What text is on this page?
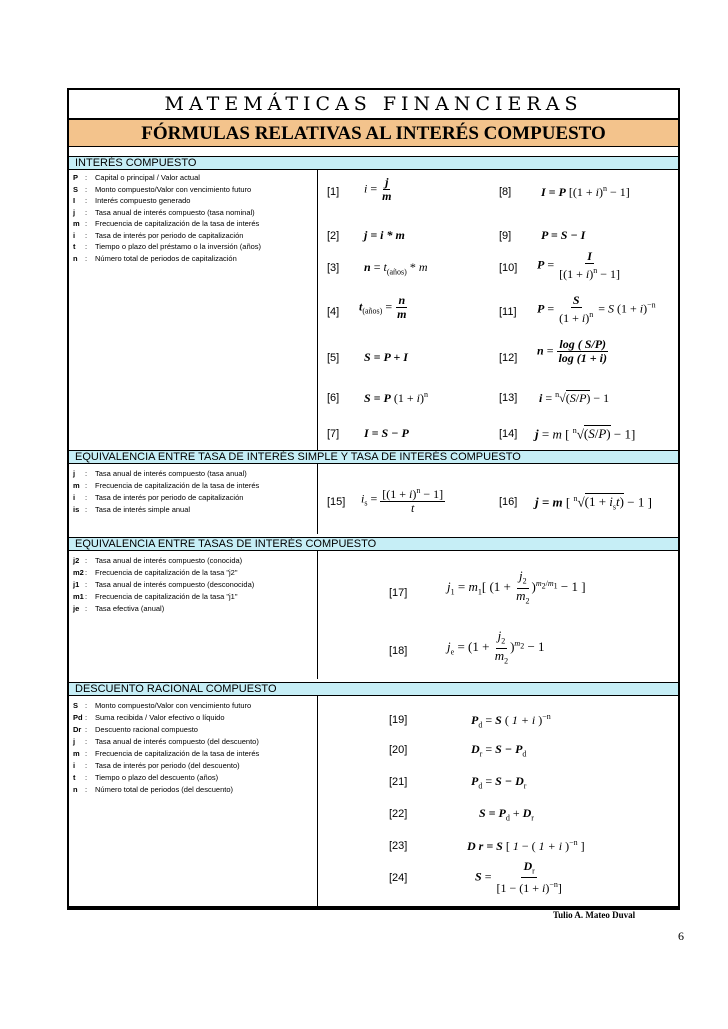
MATEMÁTICAS FINANCIERAS
FÓRMULAS RELATIVAS AL INTERÉS COMPUESTO
INTERÉS COMPUESTO
P :	Capital o principal / Valor actual
S :	Monto compuesto/Valor con vencimiento futuro
I	:	Interés compuesto generado
j	:	Tasa anual de interés compuesto (tasa nominal)
m :	Frecuencia de capitalización de la tasa de interés
i	:	Tasa de interés por periodo de capitalización
t	:	Tiempo o plazo del préstamo o la inversión (años)
n :	Número total de periodos de capitalización
[1] $i = \frac{j}{m}$
[2] j = i * m
[3] $n = t_{(años)} * m$
[4] $t_{(años)} = \frac{n}{m}$
[5] S = P + I
[6] S = P $(1 + i)^n$
[7] I = S − P
[8] I = P $[(1 + i)^n - 1]$
[9] P = S − I
[10] $P = \frac{I}{[(1 + i)^n - 1]}$
[11] $P = \frac{S}{(1 + i)^n} = S$ $(1 + i)^{-n}$
[12]
$n = \frac{\log ( S/P)}{\log (1 + i)}$
[13] i = $^n$√(S/P) − 1
[14] j = m [ $^n$√(S/P) − 1]
EQUIVALENCIA ENTRE TASA DE INTERÉS SIMPLE Y TASA DE INTERÉS COMPUESTO
j	:	Tasa anual de interés compuesto (tasa anual)
m :	Frecuencia de capitalización de la tasa de interés
i	:	Tasa de interés por periodo de capitalización
is :	Tasa de interés simple anual
[15] $i_s = \frac{[(1 + i)^n - 1]}{t}$	[16] j = m [ $^n√(1 + i_st) - 1$ ]
EQUIVALENCIA ENTRE TASAS DE INTERÉS COMPUESTO
j2 :	Tasa anual de interés compuesto (conocida)
m2 :	Frecuencia de capitalización de la tasa "j2"
j1 :	Tasa anual de interés compuesto (desconocida)
m1 :	Frecuencia de capitalización de la tasa "j1"
je :	Tasa efectiva (anual)
[17]	$j_1 = m_1$[ $(1 + \frac{j_2}{m_2} )^{m_2/m_1} - 1$ ]
[18]	$j_e = (1 + \frac{j_2}{m_2} )^{m_2} - 1$
DESCUENTO RACIONAL COMPUESTO
S :	Monto compuesto/Valor con vencimiento futuro
Pd :	Suma recibida / Valor efectivo o líquido
Dr :	Descuento racional compuesto
j	:	Tasa anual de interés compuesto (del descuento)
m :	Frecuencia de capitalización de la tasa de interés
i	:	Tasa de interés por periodo (del descuento)
t	:	Tiempo o plazo del descuento (años)
n :	Número total de periodos (del descuento)
[19]	$P_d = S$ ( 1 + i )$^{-n}$
[20]	$D_r = S - P_d$
[21]	$P_d = S - D_r$
[22]	$S = P_d + D_r$
[23]	D r = S [ 1 − ( 1 + i )$^{-n}$ ]
[24]	$S = \frac{D_r}{[1 - (1 + i)^{-n}]}$
Tulio A. Mateo Duval
6
